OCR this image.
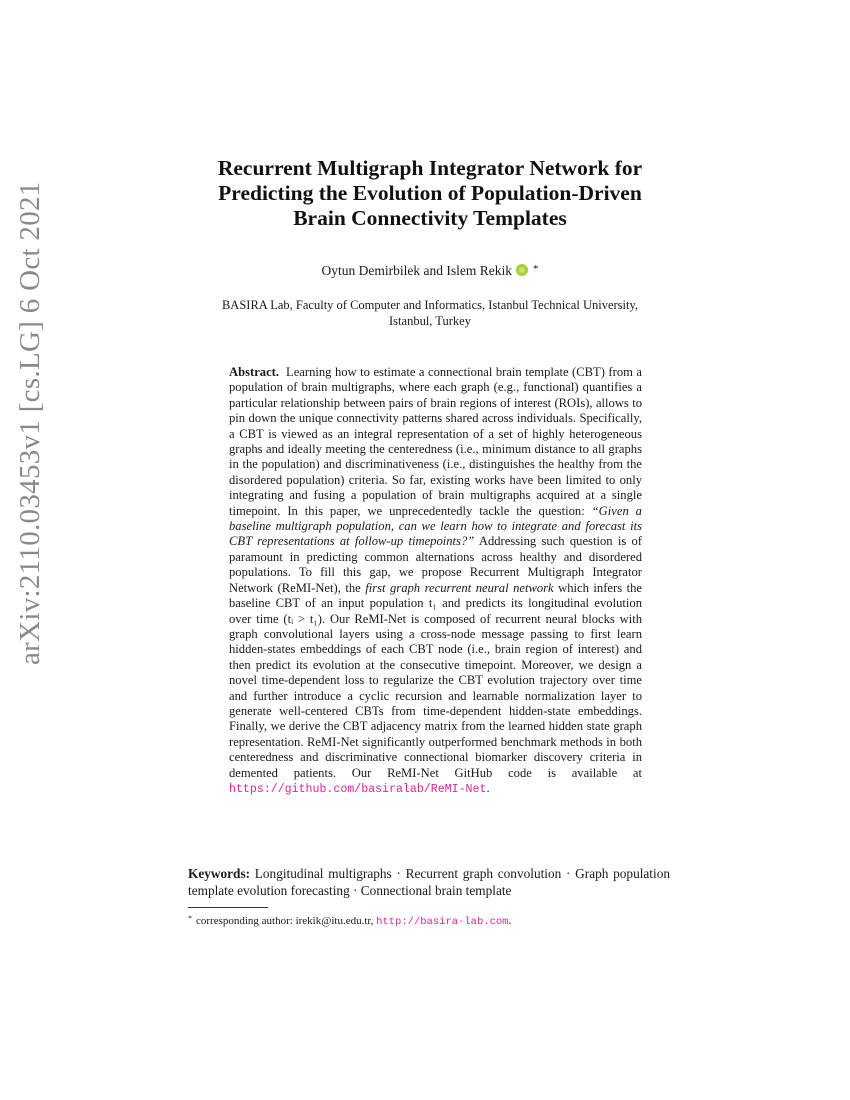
arXiv:2110.03453v1 [cs.LG] 6 Oct 2021
Recurrent Multigraph Integrator Network for
Predicting the Evolution of Population-Driven
Brain Connectivity Templates
Oytun Demirbilek and Islem Rekik *
BASIRA Lab, Faculty of Computer and Informatics, Istanbul Technical University,
Istanbul, Turkey
Abstract. Learning how to estimate a connectional brain template (CBT) from a population of brain multigraphs, where each graph (e.g., functional) quantifies a particular relationship between pairs of brain regions of interest (ROIs), allows to pin down the unique connectivity patterns shared across individuals. Specifically, a CBT is viewed as an integral representation of a set of highly heterogeneous graphs and ideally meeting the centeredness (i.e., minimum distance to all graphs in the population) and discriminativeness (i.e., distinguishes the healthy from the disordered population) criteria. So far, existing works have been limited to only integrating and fusing a population of brain multigraphs acquired at a single timepoint. In this paper, we unprecedentedly tackle the question: “Given a baseline multigraph population, can we learn how to integrate and forecast its CBT representations at follow-up timepoints?” Addressing such question is of paramount in predicting common alternations across healthy and disordered populations. To fill this gap, we propose Recurrent Multigraph Integrator Network (ReMI-Net), the first graph recurrent neural network which infers the baseline CBT of an input population t₁ and predicts its longitudinal evolution over time (tᵢ > t₁). Our ReMI-Net is composed of recurrent neural blocks with graph convolutional layers using a cross-node message passing to first learn hidden-states embeddings of each CBT node (i.e., brain region of interest) and then predict its evolution at the consecutive timepoint. Moreover, we design a novel time-dependent loss to regularize the CBT evolution trajectory over time and further introduce a cyclic recursion and learnable normalization layer to generate well-centered CBTs from time-dependent hidden-state embeddings. Finally, we derive the CBT adjacency matrix from the learned hidden state graph representation. ReMI-Net significantly outperformed benchmark methods in both centeredness and discriminative connectional biomarker discovery criteria in demented patients. Our ReMI-Net GitHub code is available at https://github.com/basiralab/ReMI-Net.
Keywords: Longitudinal multigraphs · Recurrent graph convolution · Graph population template evolution forecasting · Connectional brain template
* corresponding author: irekik@itu.edu.tr, http://basira-lab.com.
